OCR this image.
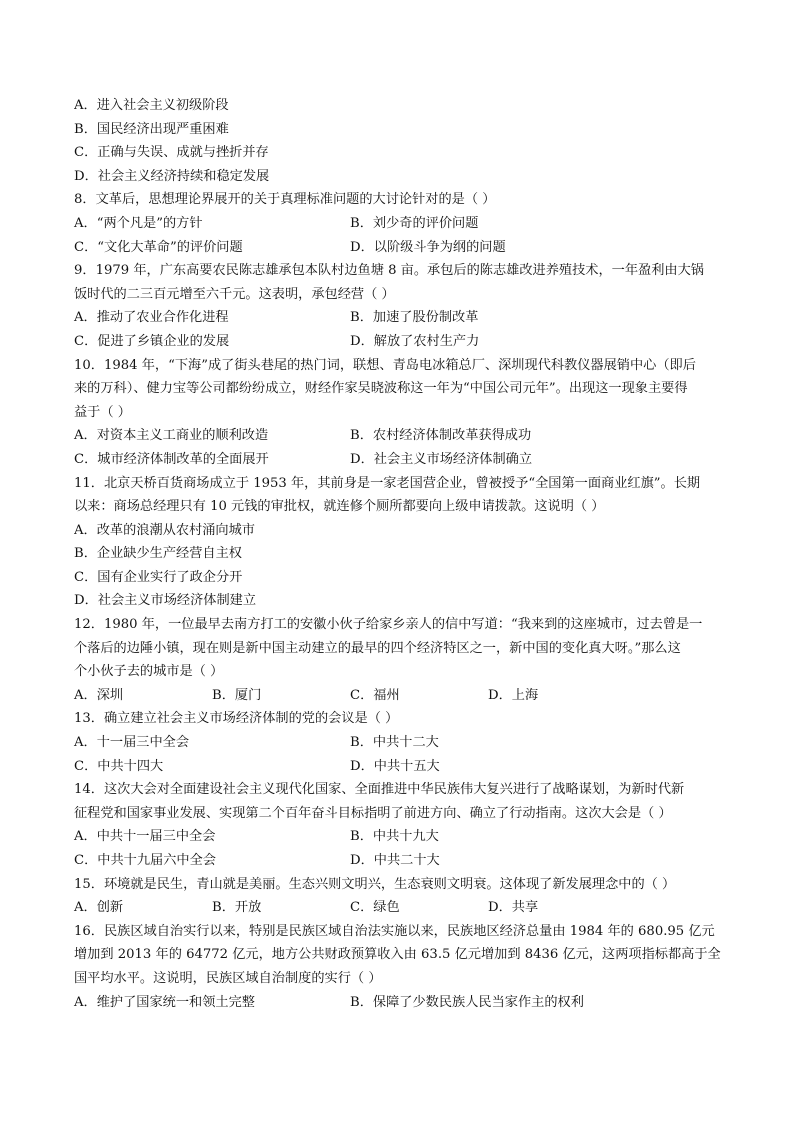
A．进入社会主义初级阶段
B．国民经济出现严重困难
C．正确与失误、成就与挫折并存
D．社会主义经济持续和稳定发展
8．文革后，思想理论界展开的关于真理标准问题的大讨论针对的是（ ）
A．“两个凡是”的方针	B．刘少奇的评价问题
C．“文化大革命”的评价问题	D．以阶级斗争为纲的问题
9．1979 年，广东高要农民陈志雄承包本队村边鱼塘 8 亩。承包后的陈志雄改进养殖技术，一年盈利由大锅
饭时代的二三百元增至六千元。这表明，承包经营（ ）
A．推动了农业合作化进程	B．加速了股份制改革
C．促进了乡镇企业的发展	D．解放了农村生产力
10．1984 年，“下海”成了街头巷尾的热门词，联想、青岛电冰箱总厂、深圳现代科教仪器展销中心（即后
来的万科）、健力宝等公司都纷纷成立，财经作家吴晓波称这一年为“中国公司元年”。出现这一现象主要得
益于（ ）
A．对资本主义工商业的顺利改造	B．农村经济体制改革获得成功
C．城市经济体制改革的全面展开	D．社会主义市场经济体制确立
11．北京天桥百货商场成立于 1953 年，其前身是一家老国营企业，曾被授予“全国第一面商业红旗”。长期
以来：商场总经理只有 10 元钱的审批权，就连修个厕所都要向上级申请拨款。这说明（ ）
A．改革的浪潮从农村涌向城市
B．企业缺少生产经营自主权
C．国有企业实行了政企分开
D．社会主义市场经济体制建立
12．1980 年，一位最早去南方打工的安徽小伙子给家乡亲人的信中写道：“我来到的这座城市，过去曾是一
个落后的边陲小镇，现在则是新中国主动建立的最早的四个经济特区之一，新中国的变化真大呀。”那么这
个小伙子去的城市是（ ）
A．深圳	B．厦门	C．福州	D．上海
13．确立建立社会主义市场经济体制的党的会议是（ ）
A．十一届三中全会	B．中共十二大
C．中共十四大	D．中共十五大
14．这次大会对全面建设社会主义现代化国家、全面推进中华民族伟大复兴进行了战略谋划，为新时代新
征程党和国家事业发展、实现第二个百年奋斗目标指明了前进方向、确立了行动指南。这次大会是（ ）
A．中共十一届三中全会	B．中共十九大
C．中共十九届六中全会	D．中共二十大
15．环境就是民生，青山就是美丽。生态兴则文明兴，生态衰则文明衰。这体现了新发展理念中的（ ）
A．创新	B．开放	C．绿色	D．共享
16．民族区域自治实行以来，特别是民族区域自治法实施以来，民族地区经济总量由 1984 年的 680.95 亿元
增加到 2013 年的 64772 亿元，地方公共财政预算收入由 63.5 亿元增加到 8436 亿元，这两项指标都高于全
国平均水平。这说明，民族区域自治制度的实行（ ）
A．维护了国家统一和领土完整	B．保障了少数民族人民当家作主的权利
